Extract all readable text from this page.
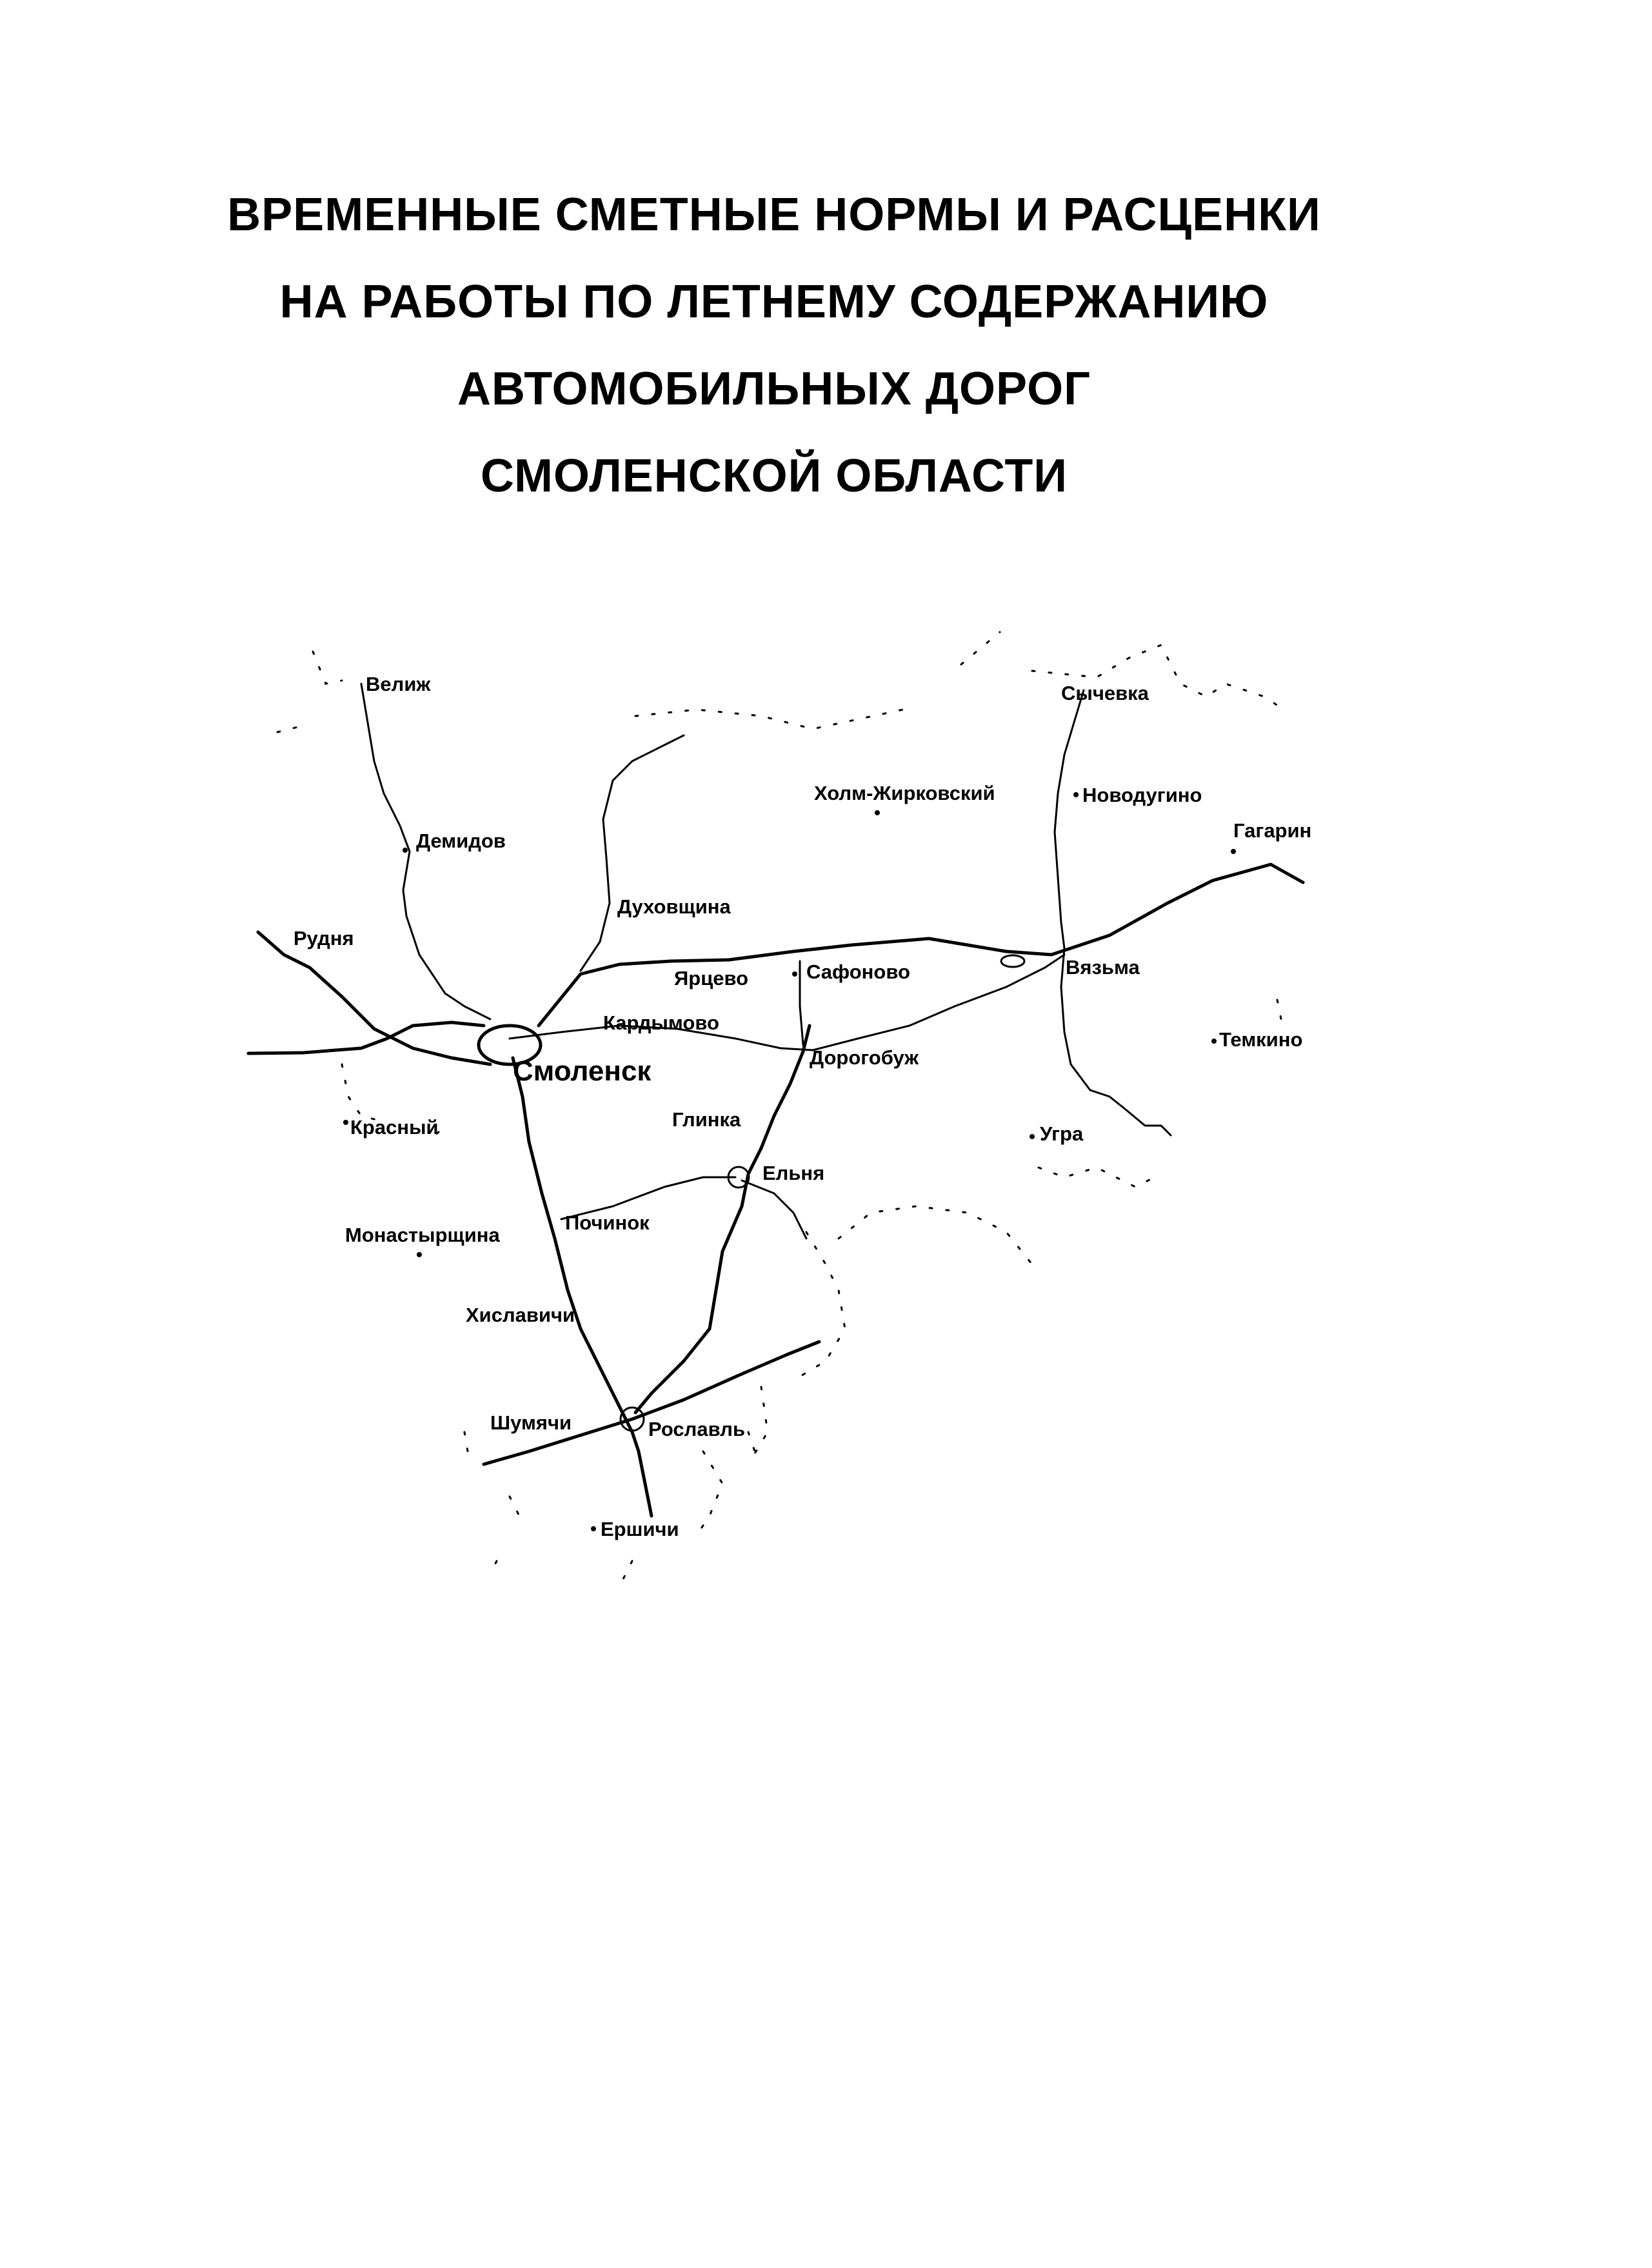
ВРЕМЕННЫЕ СМЕТНЫЕ НОРМЫ И РАСЦЕНКИ
НА РАБОТЫ ПО ЛЕТНЕМУ СОДЕРЖАНИЮ
АВТОМОБИЛЬНЫХ ДОРОГ
СМОЛЕНСКОЙ ОБЛАСТИ
Велиж	Сычевка
Холм-Жирковский	Новодугино
Гагарин
Демидов
Духовщина
Рудня
Ярцево	Сафоново	Вязьма
Кардымово
Темкино
Дорогобуж
Смоленск
Красный	Глинка
Угра
Ельня
Починок
Монастырщина
Хиславичи
Шумячи	Рославль
Ершичи
